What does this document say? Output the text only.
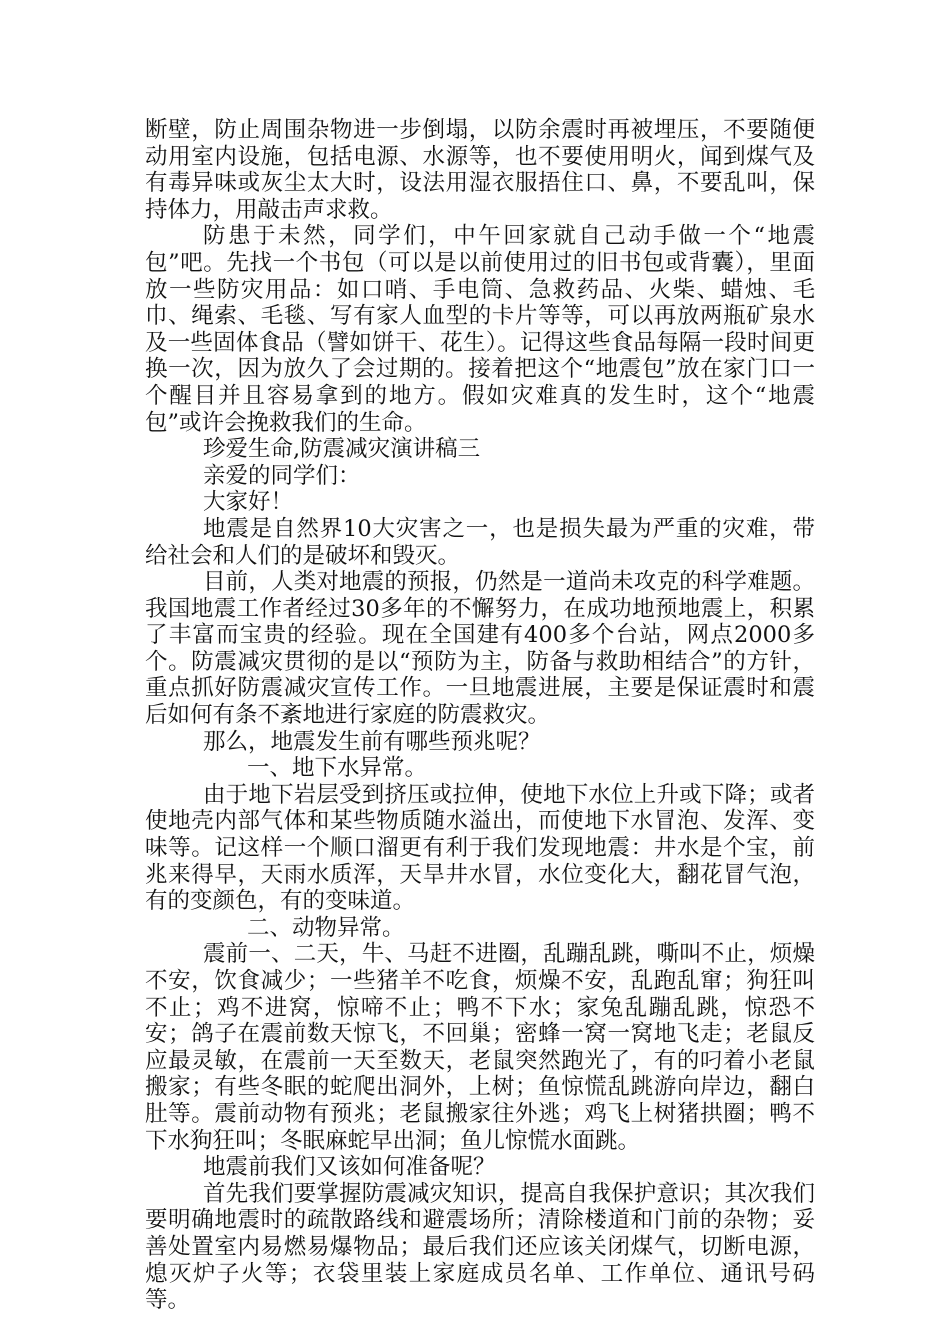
断壁，防止周围杂物进一步倒塌，以防余震时再被埋压，不要随便动用室内设施，包括电源、水源等，也不要使用明火，闻到煤气及有毒异味或灰尘太大时，设法用湿衣服捂住口、鼻，不要乱叫，保持体力，用敲击声求救。

防患于未然，同学们，中午回家就自己动手做一个“地震包”吧。先找一个书包（可以是以前使用过的旧书包或背囊），里面放一些防灾用品：如口哨、手电筒、急救药品、火柴、蜡烛、毛巾、绳索、毛毯、写有家人血型的卡片等等，可以再放两瓶矿泉水及一些固体食品（譬如饼干、花生）。记得这些食品每隔一段时间更换一次，因为放久了会过期的。接着把这个“地震包”放在家门口一个醒目并且容易拿到的地方。假如灾难真的发生时，这个“地震包”或许会挽救我们的生命。

珍爱生命,防震减灾演讲稿三

亲爱的同学们：

大家好！

地震是自然界10大灾害之一，也是损失最为严重的灾难，带给社会和人们的是破坏和毁灭。

目前，人类对地震的预报，仍然是一道尚未攻克的科学难题。我国地震工作者经过30多年的不懈努力，在成功地预地震上，积累了丰富而宝贵的经验。现在全国建有400多个台站，网点2000多个。防震减灾贯彻的是以“预防为主，防备与救助相结合”的方针，重点抓好防震减灾宣传工作。一旦地震进展，主要是保证震时和震后如何有条不紊地进行家庭的防震救灾。

那么，地震发生前有哪些预兆呢？

一、地下水异常。

由于地下岩层受到挤压或拉伸，使地下水位上升或下降；或者使地壳内部气体和某些物质随水溢出，而使地下水冒泡、发浑、变味等。记这样一个顺口溜更有利于我们发现地震：井水是个宝，前兆来得早，天雨水质浑，天旱井水冒，水位变化大，翻花冒气泡，有的变颜色，有的变味道。

二、动物异常。

震前一、二天，牛、马赶不进圈，乱蹦乱跳，嘶叫不止，烦燥不安，饮食减少；一些猪羊不吃食，烦燥不安，乱跑乱窜；狗狂叫不止；鸡不进窝，惊啼不止；鸭不下水；家兔乱蹦乱跳，惊恐不安；鸽子在震前数天惊飞，不回巢；密蜂一窝一窝地飞走；老鼠反应最灵敏，在震前一天至数天，老鼠突然跑光了，有的叼着小老鼠搬家；有些冬眠的蛇爬出洞外，上树；鱼惊慌乱跳游向岸边，翻白肚等。震前动物有预兆；老鼠搬家往外逃；鸡飞上树猪拱圈；鸭不下水狗狂叫；冬眠麻蛇早出洞；鱼儿惊慌水面跳。

地震前我们又该如何准备呢？

首先我们要掌握防震减灾知识，提高自我保护意识；其次我们要明确地震时的疏散路线和避震场所；清除楼道和门前的杂物；妥善处置室内易燃易爆物品；最后我们还应该关闭煤气，切断电源，熄灭炉子火等；衣袋里装上家庭成员名单、工作单位、通讯号码等。
